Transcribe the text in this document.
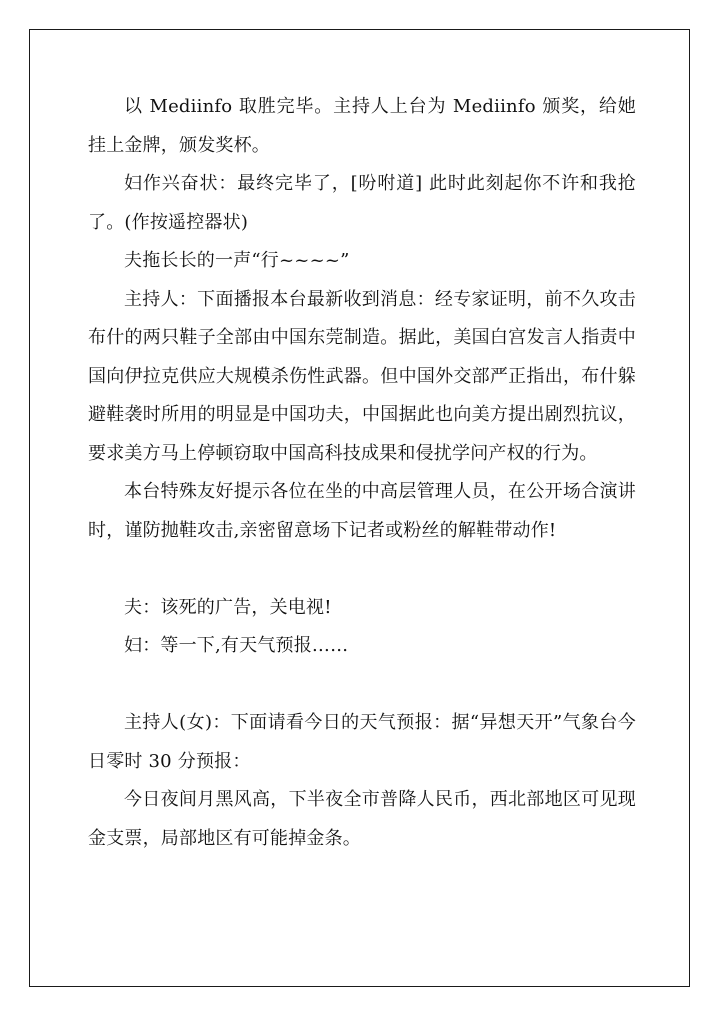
以 Mediinfo 取胜完毕。主持人上台为 Mediinfo 颁奖，给她挂上金牌，颁发奖杯。

妇作兴奋状：最终完毕了，[吩咐道] 此时此刻起你不许和我抢了。(作按遥控器状)

夫拖长长的一声“行~~~~”

主持人：下面播报本台最新收到消息：经专家证明，前不久攻击布什的两只鞋子全部由中国东莞制造。据此，美国白宫发言人指责中国向伊拉克供应大规模杀伤性武器。但中国外交部严正指出，布什躲避鞋袭时所用的明显是中国功夫，中国据此也向美方提出剧烈抗议，要求美方马上停顿窃取中国高科技成果和侵扰学问产权的行为。

本台特殊友好提示各位在坐的中高层管理人员，在公开场合演讲时，谨防抛鞋攻击,亲密留意场下记者或粉丝的解鞋带动作!

夫：该死的广告，关电视!

妇：等一下,有天气预报……

主持人(女)：下面请看今日的天气预报：据“异想天开”气象台今日零时 30 分预报：

今日夜间月黑风高，下半夜全市普降人民币，西北部地区可见现金支票，局部地区有可能掉金条。
